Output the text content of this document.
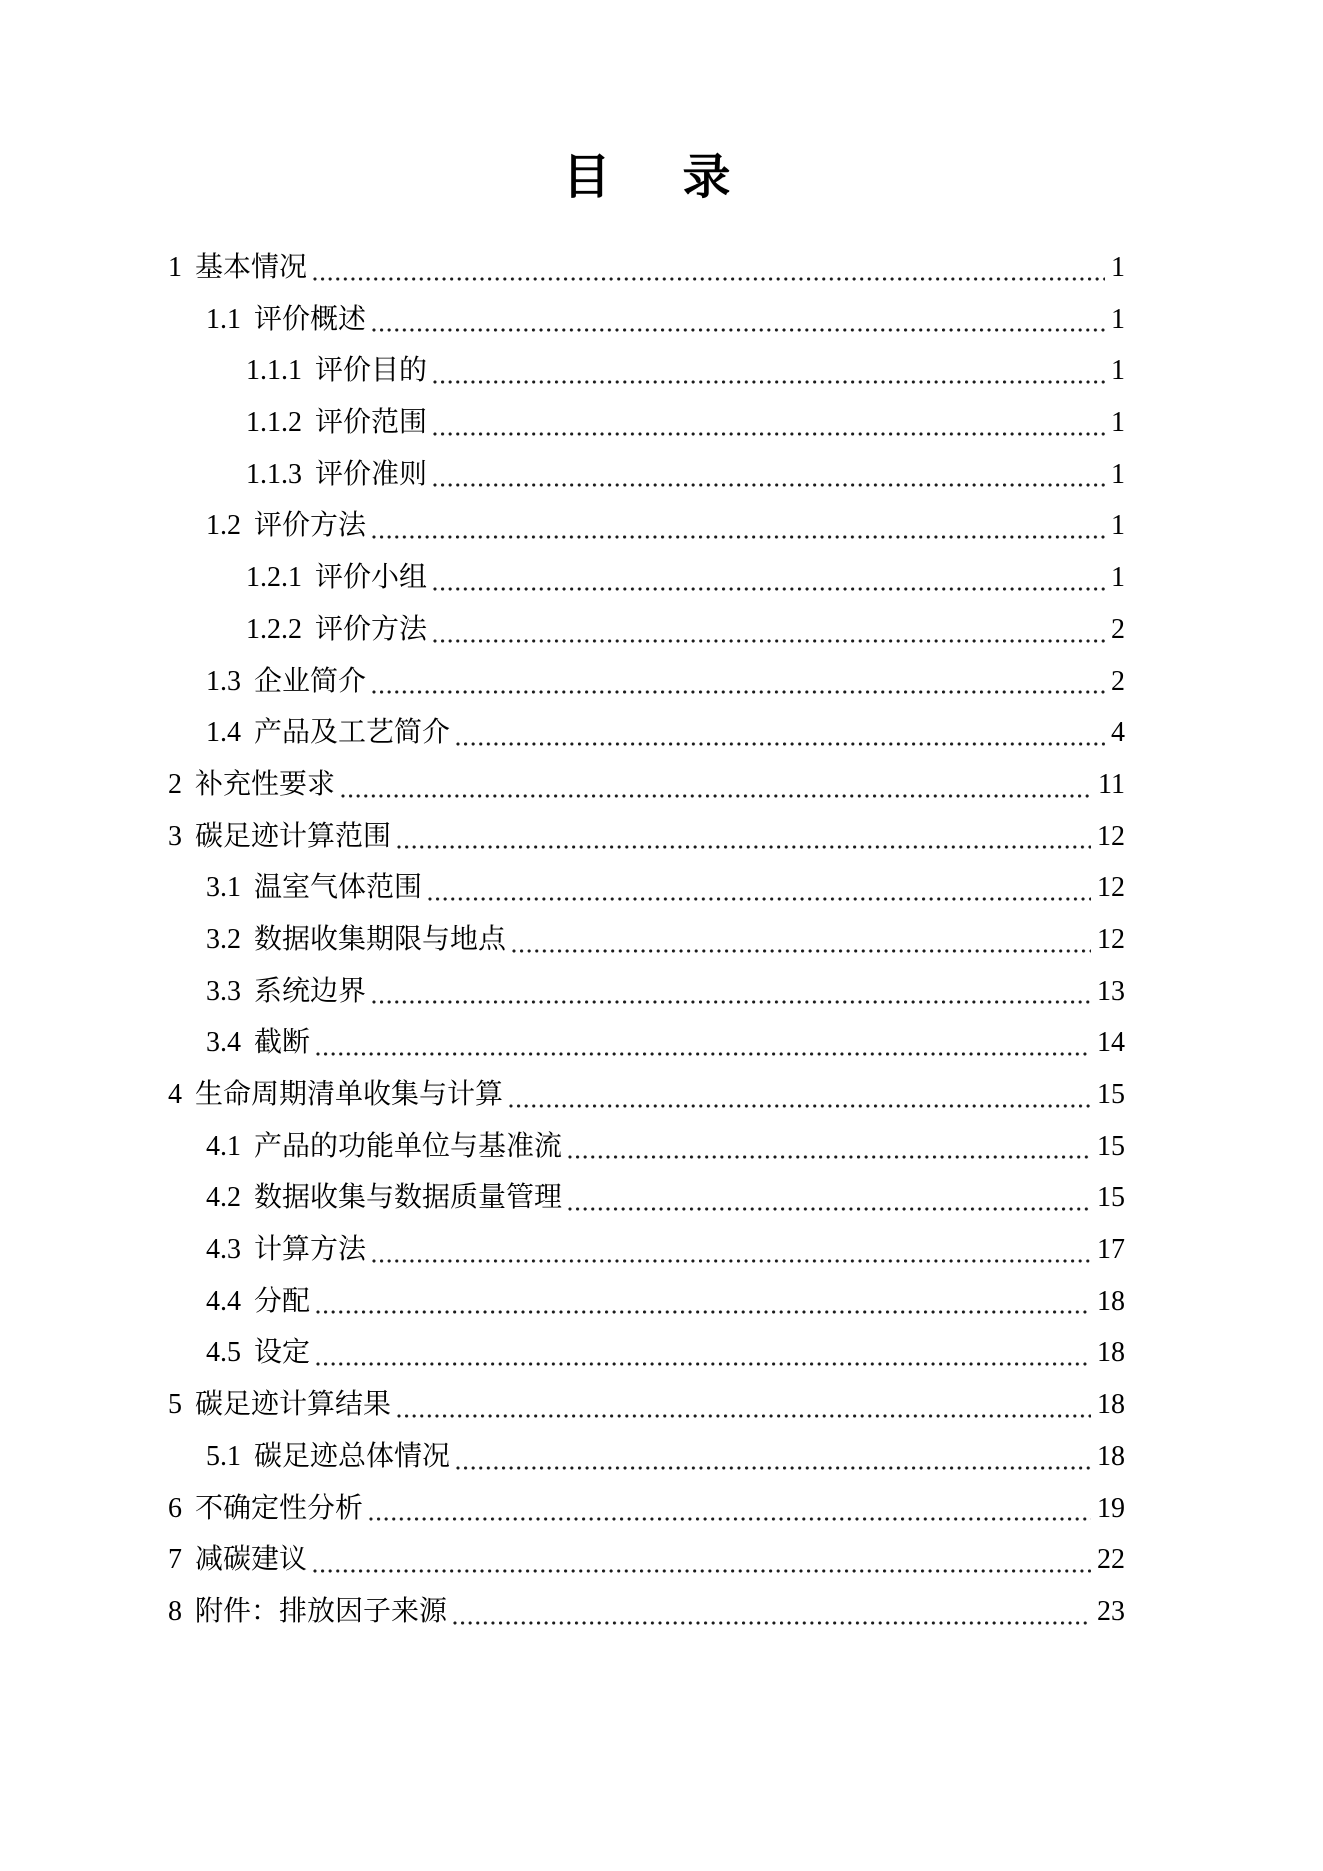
目 录
1 基本情况	1
1.1 评价概述	1
1.1.1 评价目的	1
1.1.2 评价范围	1
1.1.3 评价准则	1
1.2 评价方法	1
1.2.1 评价小组	1
1.2.2 评价方法	2
1.3 企业简介	2
1.4 产品及工艺简介	4
2 补充性要求	11
3 碳足迹计算范围	12
3.1 温室气体范围	12
3.2 数据收集期限与地点	12
3.3 系统边界	13
3.4 截断	14
4 生命周期清单收集与计算	15
4.1 产品的功能单位与基准流	15
4.2 数据收集与数据质量管理	15
4.3 计算方法	17
4.4 分配	18
4.5 设定	18
5 碳足迹计算结果	18
5.1 碳足迹总体情况	18
6 不确定性分析	19
7 减碳建议	22
8 附件：排放因子来源	23
